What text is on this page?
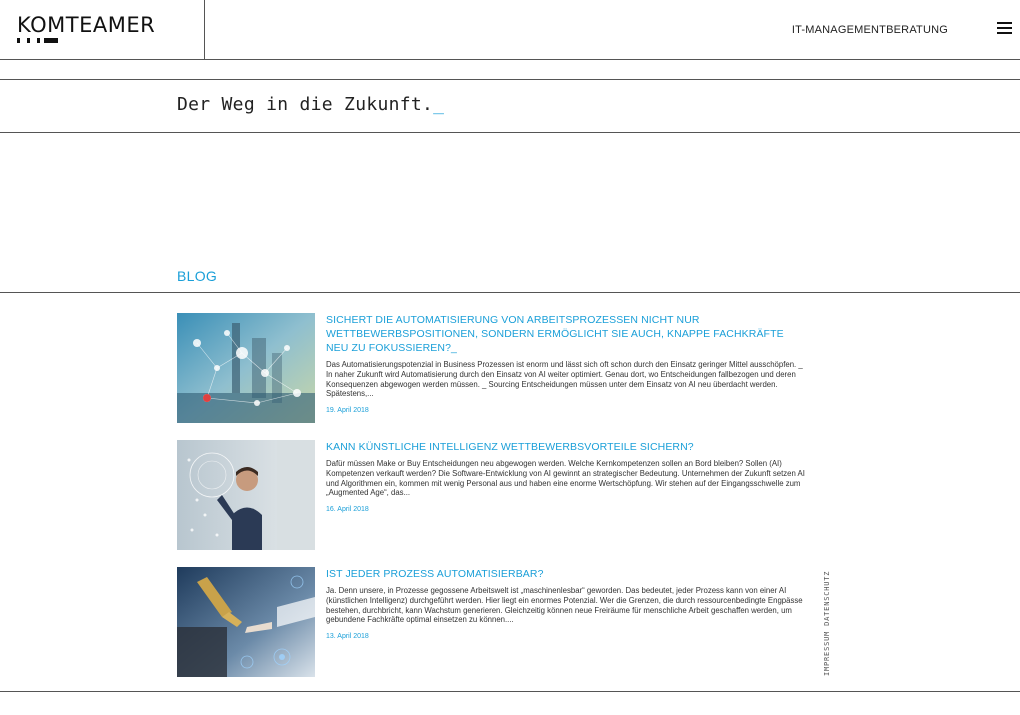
KOMTEAMER	IT-MANAGEMENTBERATUNG
Der Weg in die Zukunft._
BLOG
SICHERT DIE AUTOMATISIERUNG VON ARBEITSPROZESSEN NICHT NUR WETTBEWERBSPOSITIONEN, SONDERN ERMÖGLICHT SIE AUCH, KNAPPE FACHKRÄFTE NEU ZU FOKUSSIEREN?_
Das Automatisierungspotenzial in Business Prozessen ist enorm und lässt sich oft schon durch den Einsatz geringer Mittel ausschöpfen. _ In naher Zukunft wird Automatisierung durch den Einsatz von AI weiter optimiert. Genau dort, wo Entscheidungen fallbezogen und deren Konsequenzen abgewogen werden müssen. _ Sourcing Entscheidungen müssen unter dem Einsatz von AI neu überdacht werden. Spätestens,...
19. April 2018
KANN KÜNSTLICHE INTELLIGENZ WETTBEWERBSVORTEILE SICHERN?
Dafür müssen Make or Buy Entscheidungen neu abgewogen werden. Welche Kernkompetenzen sollen an Bord bleiben? Sollen (AI) Kompetenzen verkauft werden? Die Software-Entwicklung von AI gewinnt an strategischer Bedeutung. Unternehmen der Zukunft setzen AI und Algorithmen ein, kommen mit wenig Personal aus und haben eine enorme Wertschöpfung. Wir stehen auf der Eingangsschwelle zum „Augmented Age“, das...
16. April 2018
IST JEDER PROZESS AUTOMATISIERBAR?
Ja. Denn unsere, in Prozesse gegossene Arbeitswelt ist „maschinenlesbar“ geworden. Das bedeutet, jeder Prozess kann von einer AI (künstlichen Intelligenz) durchgeführt werden. Hier liegt ein enormes Potenzial. Wer die Grenzen, die durch ressourcenbedingte Engpässe bestehen, durchbricht, kann Wachstum generieren. Gleichzeitig können neue Freiräume für menschliche Arbeit geschaffen werden, um gebundene Fachkräfte optimal einsetzen zu können....
13. April 2018	IMPRESSUMDATENSCHUTZ
